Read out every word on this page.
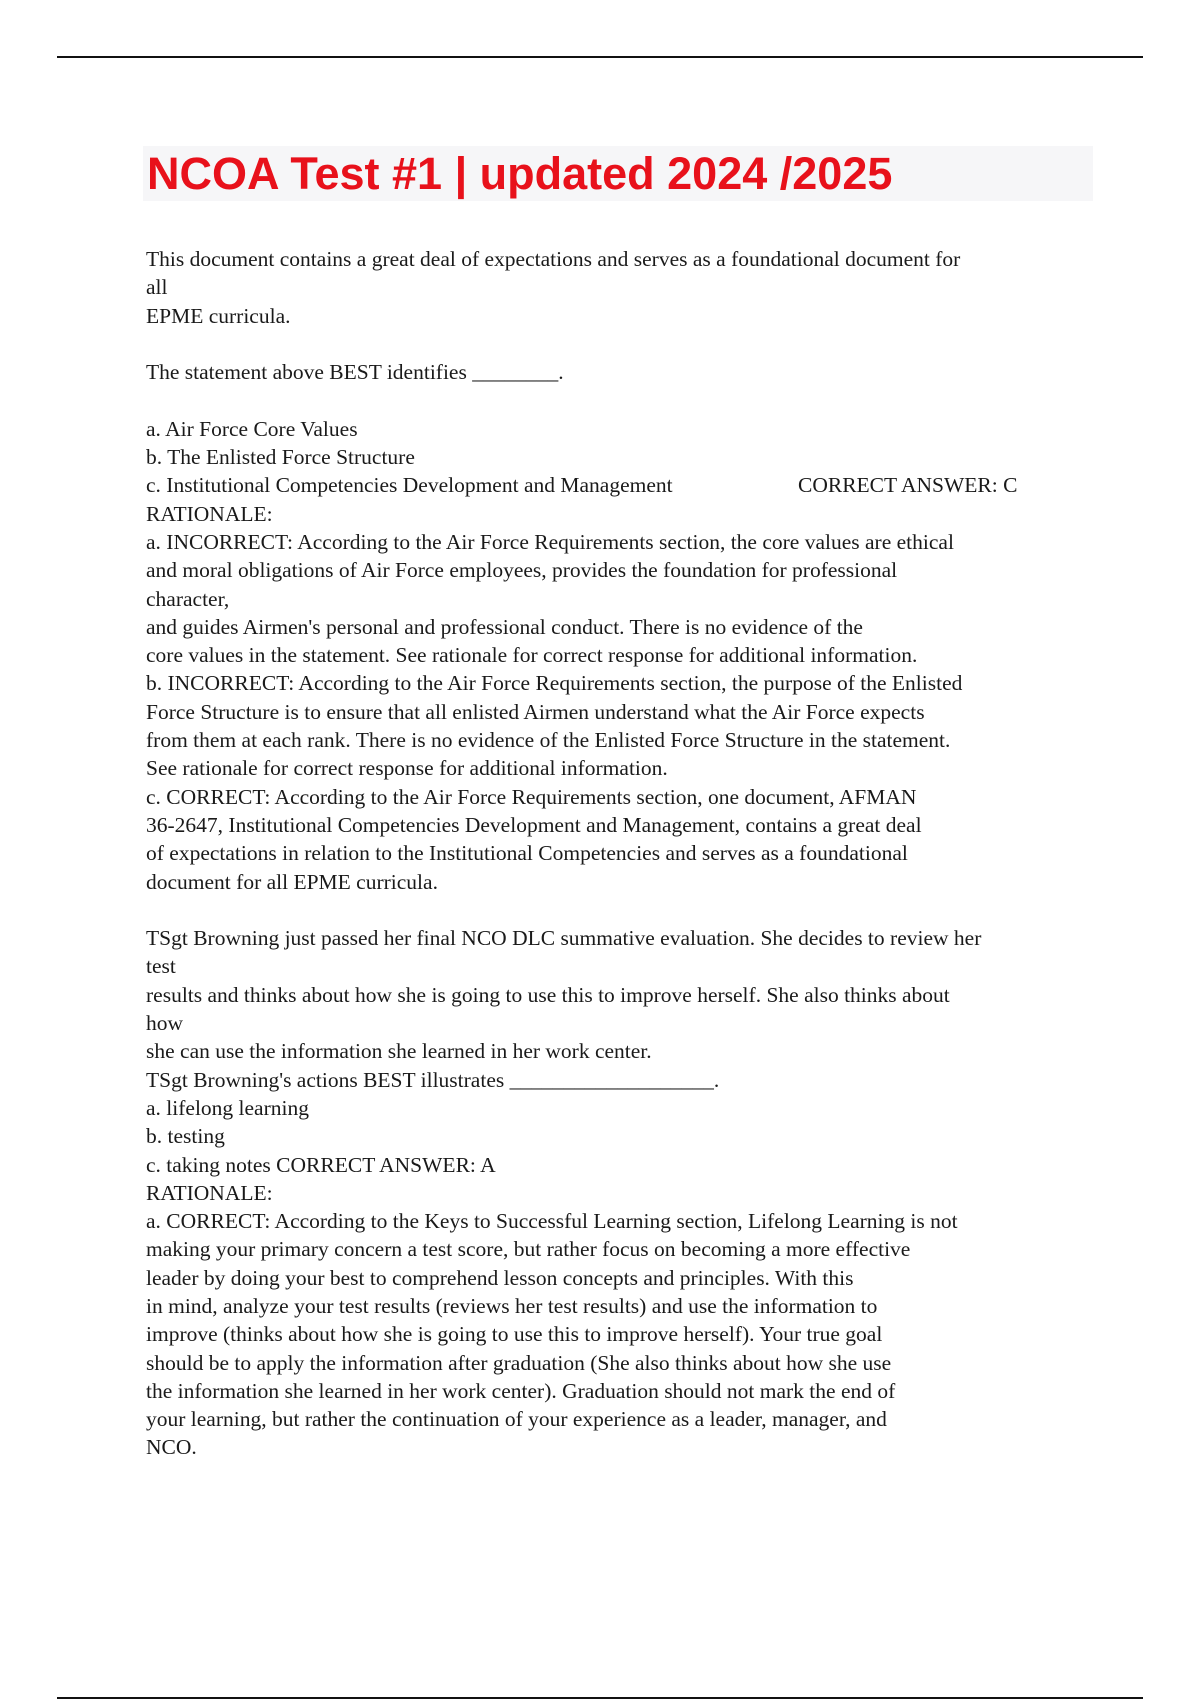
NCOA Test #1 | updated 2024 /2025
This document contains a great deal of expectations and serves as a foundational document for
all
EPME curricula.
The statement above BEST identifies ________.
a. Air Force Core Values
b. The Enlisted Force Structure
c. Institutional Competencies Development and Management	CORRECT ANSWER: C
RATIONALE:
a. INCORRECT: According to the Air Force Requirements section, the core values are ethical
and moral obligations of Air Force employees, provides the foundation for professional
character,
and guides Airmen's personal and professional conduct. There is no evidence of the
core values in the statement. See rationale for correct response for additional information.
b. INCORRECT: According to the Air Force Requirements section, the purpose of the Enlisted
Force Structure is to ensure that all enlisted Airmen understand what the Air Force expects
from them at each rank. There is no evidence of the Enlisted Force Structure in the statement.
See rationale for correct response for additional information.
c. CORRECT: According to the Air Force Requirements section, one document, AFMAN
36-2647, Institutional Competencies Development and Management, contains a great deal
of expectations in relation to the Institutional Competencies and serves as a foundational
document for all EPME curricula.
TSgt Browning just passed her final NCO DLC summative evaluation. She decides to review her
test
results and thinks about how she is going to use this to improve herself. She also thinks about
how
she can use the information she learned in her work center.
TSgt Browning's actions BEST illustrates ___________________.
a. lifelong learning
b. testing
c. taking notes CORRECT ANSWER: A
RATIONALE:
a. CORRECT: According to the Keys to Successful Learning section, Lifelong Learning is not
making your primary concern a test score, but rather focus on becoming a more effective
leader by doing your best to comprehend lesson concepts and principles. With this
in mind, analyze your test results (reviews her test results) and use the information to
improve (thinks about how she is going to use this to improve herself). Your true goal
should be to apply the information after graduation (She also thinks about how she use
the information she learned in her work center). Graduation should not mark the end of
your learning, but rather the continuation of your experience as a leader, manager, and
NCO.
